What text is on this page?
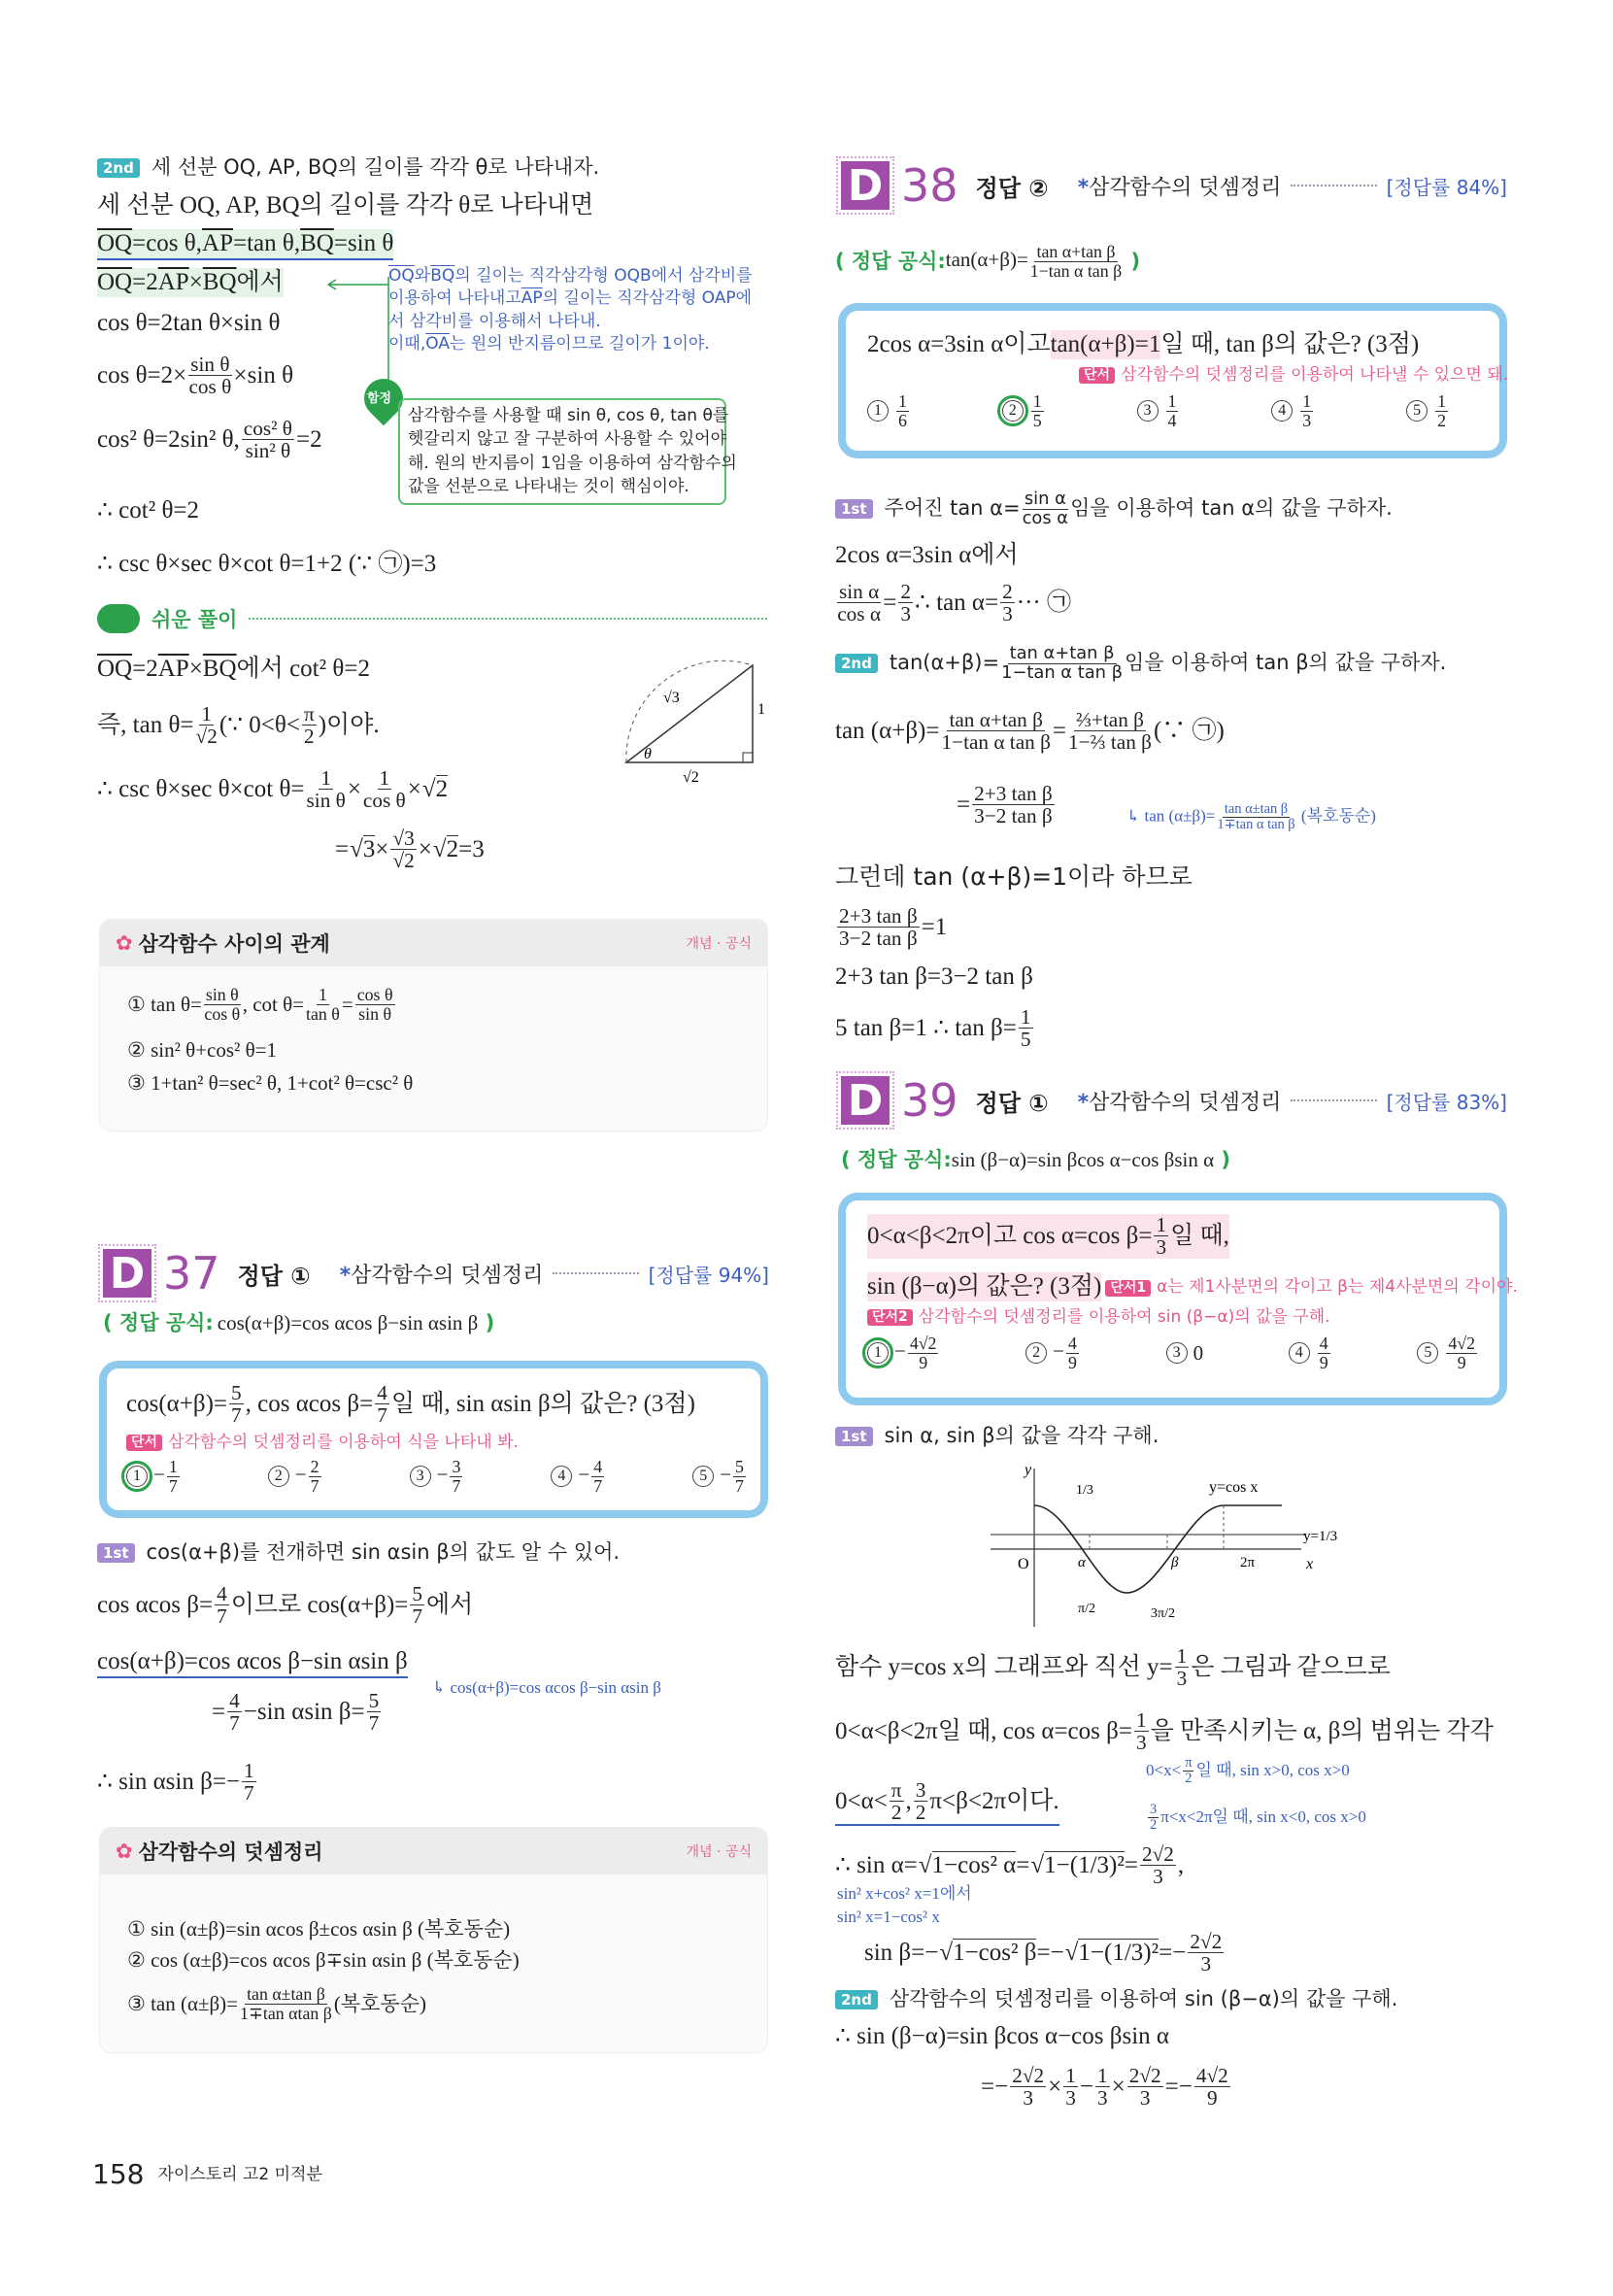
2nd 세 선분 OQ, AP, BQ의 길이를 각각 θ로 나타내자.
세 선분 OQ, AP, BQ의 길이를 각각 θ로 나타내면
$\overline{OQ} =\cos$ θ, $\overline{AP} =\tan$ θ, $\overline{BQ} =\sin$ θ
$\overline{OQ} =2$ $\overline{AP} \times \overline{BQ}$ 에서
cos θ=2tan θ×sin θ
$\cos \theta=2\times \frac{\text{sin θ}}{\text{cos θ}} \times\sin$ θ
cos² θ=2sin² θ, $\frac{\text{cos² θ}}{\text{sin² θ}} =2$
∴ cot² θ=2
∴ csc θ×sec θ×cot θ=1+2 (∵ ㉠)=3
$\overline{OQ}$ 와 $\overline{BQ}$ 의 길이는 직각삼각형 OQB에서 삼각비를
이용하여 나타내고 $\overline{AP}$ 의 길이는 직각삼각형 OAP에
서 삼각비를 이용해서 나타내.
이때, $\overline{OA}$ 는 원의 반지름이므로 길이가 1이야.
함정
삼각함수를 사용할 때 sin θ, cos θ, tan θ를
헷갈리지 않고 잘 구분하여 사용할 수 있어야
해. 원의 반지름이 1임을 이용하여 삼각함수의
값을 선분으로 나타내는 것이 핵심이야.
쉬운 풀이
$\overline{OQ} =2$ $\overline{AP} \times \overline{BQ}$ 에서 cot² θ=2
즉, $\tan \theta= \frac{1}{√2}$ (∵ $0<\theta< \frac{\pi}{2}$ )이야.
∴ csc θ×sec θ×cot $\theta= \frac{1}{\text{sin θ}} \times \frac{1}{\text{cos θ}} \times √2$
= $√3 \times \frac{√3}{√2} \times √2 =3$
√3
1
θ
√2
✿ 삼각함수 사이의 관계	개념 · 공식
① $\tan \theta= \frac{\text{sin θ}}{\text{cos θ}}$ , $\cot \theta= \frac{1}{\text{tan θ}} = \frac{\text{cos θ}}{\text{sin θ}}$
② sin² θ+cos² θ=1
③ 1+tan² θ=sec² θ, 1+cot² θ=csc² θ
D 37 정답 ① *삼각함수의 덧셈정리	[정답률 94%]
( 정답 공식: cos(α+β)=cos αcos β−sin αsin β )
$\cos(\alpha+\beta)= \frac{5}{7}$ , cos αcos $\beta= \frac{4}{7}$ 일 때, sin αsin β의 값은? (3점)
단서 삼각함수의 덧셈정리를 이용하여 식을 나타내 봐.
$1 - \frac{1}{7}$	$2 - \frac{2}{7}$	$3 - \frac{3}{7}$	$4 - \frac{4}{7}$	$5 - \frac{5}{7}$
1st cos(α+β)를 전개하면 sin αsin β의 값도 알 수 있어.
cos αcos $\beta= \frac{4}{7}$ 이므로 $\cos(\alpha+\beta)= \frac{5}{7}$ 에서
cos(α+β)=cos αcos β−sin αsin β
↳ cos(α+β)=cos αcos β−sin αsin β
= $\frac{4}{7} -\sin$ αsin $\beta= \frac{5}{7}$
∴ sin αsin $\beta=- \frac{1}{7}$
✿ 삼각함수의 덧셈정리	개념 · 공식
① sin (α±β)=sin αcos β±cos αsin β (복호동순)
② cos (α±β)=cos αcos β∓sin αsin β (복호동순)
③ $\tan (\alpha\pm\beta)= \frac{\text{tan α±tan β}}{\text{1∓tan αtan β}}$ (복호동순)
158 자이스토리 고2 미적분
D 38 정답 ② *삼각함수의 덧셈정리	[정답률 84%]
( 정답 공식: $\tan(\alpha+\beta)= \frac{\text{tan α+tan β}}{\text{1−tan α tan β}}$ )
2cos α=3sin α이고 tan(α+β)=1 일 때, tan β의 값은? (3점)
단서 삼각함수의 덧셈정리를 이용하여 나타낼 수 있으면 돼.
$1 \frac{1}{6}$	$2 \frac{1}{5}$	$3 \frac{1}{4}$	$4 \frac{1}{3}$	$5 \frac{1}{2}$
1st 주어진 $\tan \alpha= \frac{\text{sin α}}{\text{cos α}}$ 임을 이용하여 tan α의 값을 구하자.
2cos α=3sin α에서
$\frac{\text{sin α}}{\text{cos α}} = \frac{2}{3}$ ∴ $\tan \alpha= \frac{2}{3}$ ··· ㉠
2nd $\tan(\alpha+\beta)= \frac{\text{tan α+tan β}}{\text{1−tan α tan β}}$ 임을 이용하여 tan β의 값을 구하자.
$\tan (\alpha+\beta)= \frac{\text{tan α+tan β}}{\text{1−tan α tan β}} = \frac{\text{⅔+tan β}}{\text{1−⅔ tan β}}$ (∵ ㉠)
= $\frac{\text{2+3 tan β}}{\text{3−2 tan β}}$	↳ $\tan (\alpha\pm\beta)= \frac{\text{tan α±tan β}}{\text{1∓tan α tan β}}$ (복호동순)
그런데 tan (α+β)=1이라 하므로
$\frac{\text{2+3 tan β}}{\text{3−2 tan β}} =1$
2+3 tan β=3−2 tan β
5 tan β=1 ∴ $\tan \beta= \frac{1}{5}$
D 39 정답 ① *삼각함수의 덧셈정리	[정답률 83%]
( 정답 공식: sin (β−α)=sin βcos α−cos βsin α )
0<α<β<2π이고 cos α=cos $\beta= \frac{1}{3}$ 일 때,
sin (β−α)의 값은? (3점) 단서1 α는 제1사분면의 각이고 β는 제4사분면의 각이야.
단서2 삼각함수의 덧셈정리를 이용하여 sin (β−α)의 값을 구해.
$1 - \frac{4√2}{9}$	$2 - \frac{4}{9}$	3 0	$4 \frac{4}{9}$	$5 \frac{4√2}{9}$
1st sin α, sin β의 값을 각각 구해.
y
x
O
1/3	y=cos x
y=1/3
α	β	2π
π/2	3π/2
함수 y=cos x의 그래프와 직선 $y= \frac{1}{3}$ 은 그림과 같으므로
0<α<β<2π일 때, cos α=cos $\beta= \frac{1}{3}$ 을 만족시키는 α, β의 범위는 각각
$0<\alpha< \frac{\pi}{2}$ , $\frac{3}{2} \pi<\beta<2\pi$이다.
$0<x< \frac{\pi}{2}$ 일 때, sin x>0, cos x>0
$\frac{3}{2} \pi<x<2\pi$일 때, sin x<0, cos x>0
∴ sin α= √1−cos² $\alpha = √1-(1/3)^2 = \frac{2√2}{3}$ ,
sin² x+cos² x=1에서
sin² x=1−cos² x
sin β=− √1−cos² $\beta =- √1-(1/3)^2 =- \frac{2√2}{3}$
2nd 삼각함수의 덧셈정리를 이용하여 sin (β−α)의 값을 구해.
∴ sin (β−α)=sin βcos α−cos βsin α
=− $\frac{2√2}{3} \times \frac{1}{3} - \frac{1}{3} \times \frac{2√2}{3} =- \frac{4√2}{9}$
